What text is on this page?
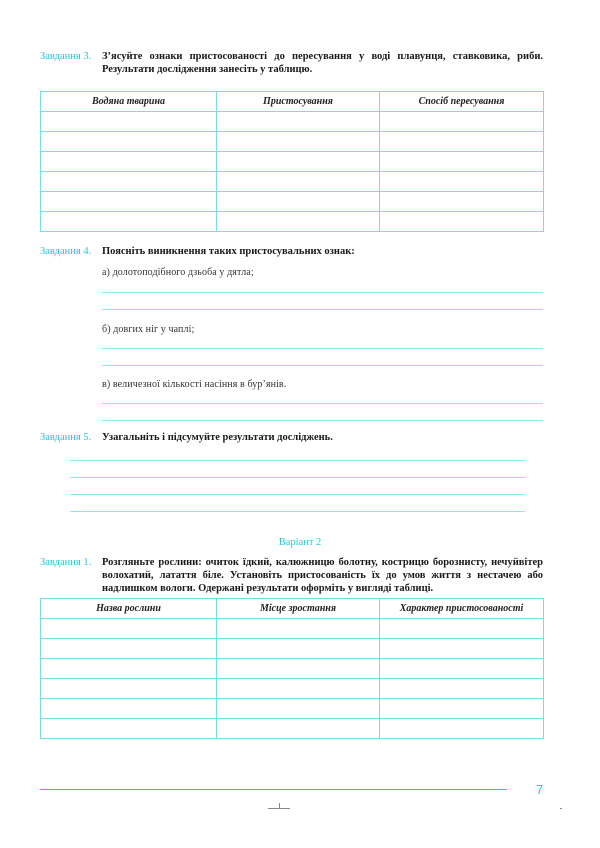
Завдання 3.	З’ясуйте ознаки пристосованості до пересування у воді плавунця, ставковика, риби. Результати дослідження занесіть у таблицю.
Водяна тварина	Пристосування	Спосіб пересування

Завдання 4.	Поясніть виникнення таких пристосувальних ознак:
а) долотоподібного дзьоба у дятла;
б) довгих ніг у чаплі;
в) величезної кількості насіння в бур’янів.
Завдання 5.	Узагальніть і підсумуйте результати досліджень.
Варіант 2
Завдання 1.	Розгляньте рослини: очиток їдкий, калюжницю болотну, кострицю борознисту, нечуйвітер волохатий, латаття біле. Установіть пристосованість їх до умов життя з нестачею або надлишком вологи. Одержані результати оформіть у вигляді таблиці.
Назва рослини	Місце зростання	Характер пристосованості

7
